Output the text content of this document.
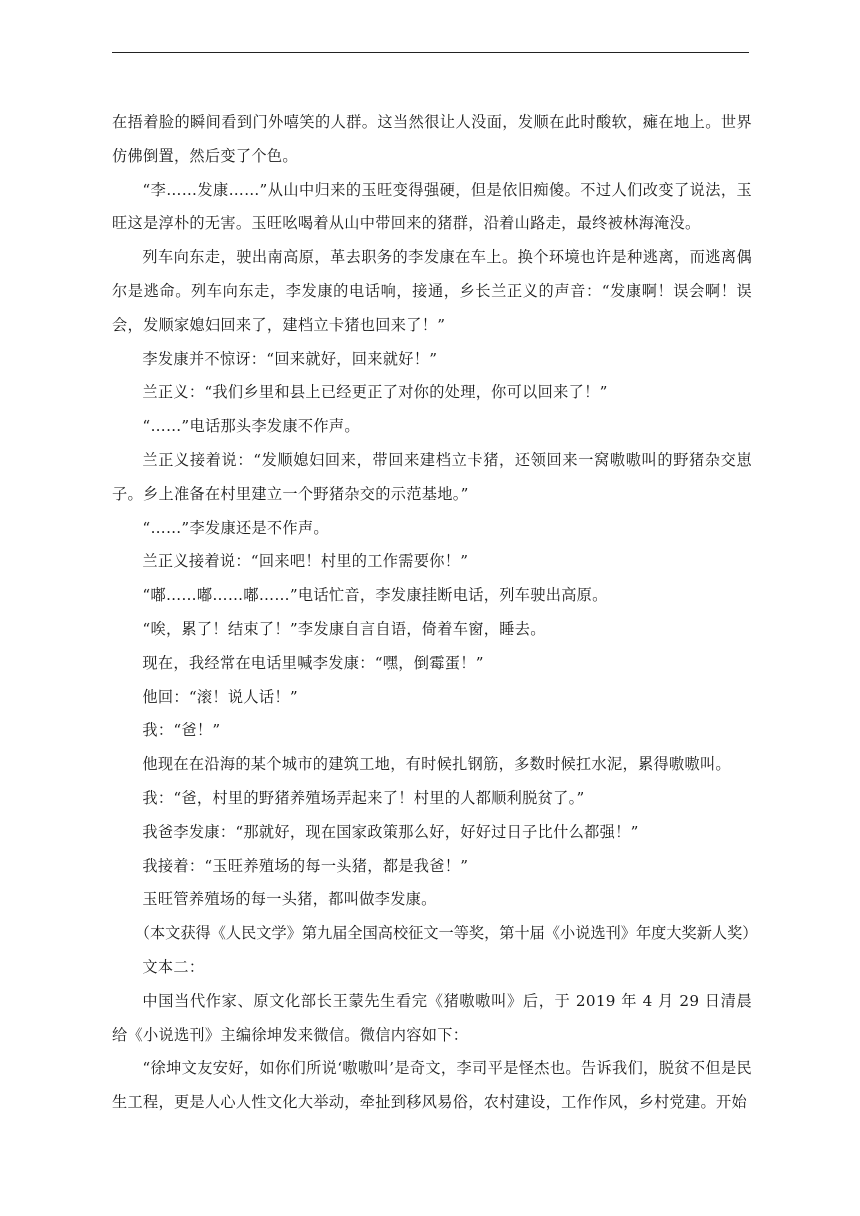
在捂着脸的瞬间看到门外嘻笑的人群。这当然很让人没面，发顺在此时酸软，瘫在地上。世界仿佛倒置，然后变了个色。

“李……发康……”从山中归来的玉旺变得强硬，但是依旧痴傻。不过人们改变了说法，玉旺这是淳朴的无害。玉旺吆喝着从山中带回来的猪群，沿着山路走，最终被林海淹没。

列车向东走，驶出南高原，革去职务的李发康在车上。换个环境也许是种逃离，而逃离偶尔是逃命。列车向东走，李发康的电话响，接通，乡长兰正义的声音：“发康啊！误会啊！误会，发顺家媳妇回来了，建档立卡猪也回来了！”

李发康并不惊讶：“回来就好，回来就好！”

兰正义：“我们乡里和县上已经更正了对你的处理，你可以回来了！”

“……”电话那头李发康不作声。

兰正义接着说：“发顺媳妇回来，带回来建档立卡猪，还领回来一窝嗷嗷叫的野猪杂交崽子。乡上准备在村里建立一个野猪杂交的示范基地。”

“……”李发康还是不作声。

兰正义接着说：“回来吧！村里的工作需要你！”

“嘟……嘟……嘟……”电话忙音，李发康挂断电话，列车驶出高原。

“唉，累了！结束了！”李发康自言自语，倚着车窗，睡去。

现在，我经常在电话里喊李发康：“嘿，倒霉蛋！”

他回：“滚！说人话！”

我：“爸！”

他现在在沿海的某个城市的建筑工地，有时候扎钢筋，多数时候扛水泥，累得嗷嗷叫。

我：“爸，村里的野猪养殖场弄起来了！村里的人都顺利脱贫了。”

我爸李发康：“那就好，现在国家政策那么好，好好过日子比什么都强！”

我接着：“玉旺养殖场的每一头猪，都是我爸！”

玉旺管养殖场的每一头猪，都叫做李发康。

（本文获得《人民文学》第九届全国高校征文一等奖，第十届《小说选刊》年度大奖新人奖）

文本二：

中国当代作家、原文化部长王蒙先生看完《猪嗷嗷叫》后，于 2019 年 4 月 29 日清晨给《小说选刊》主编徐坤发来微信。微信内容如下：

“徐坤文友安好，如你们所说‘嗷嗷叫’是奇文，李司平是怪杰也。告诉我们，脱贫不但是民生工程，更是人心人性文化大举动，牵扯到移风易俗，农村建设，工作作风，乡村党建。开始
